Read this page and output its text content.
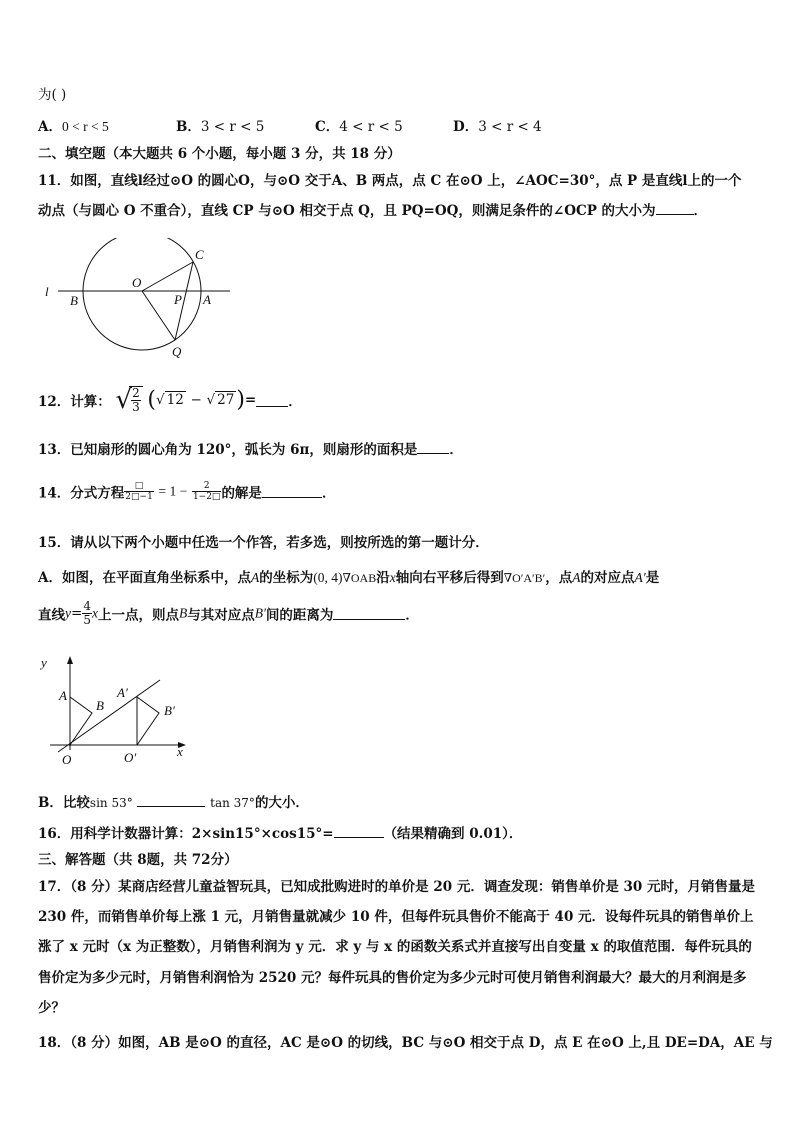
为( )
A．0 < r < 5	B．3 < r < 5	C．4 < r < 5	D．3 < r < 4
二、填空题（本大题共 6 个小题，每小题 3 分，共 18 分）
11．如图，直线l经过⊙O 的圆心O，与⊙O 交于A、B 两点，点 C 在⊙O 上，∠AOC=30°，点 P 是直线l上的一个
动点（与圆心 O 不重合），直线 CP 与⊙O 相交于点 Q，且 PQ=OQ，则满足条件的∠OCP 的大小为	．
l
B
O
C
P A
Q
12．计算： √
$\frac{2}{3}$ (√ 12 − √ 27)= ．
13．已知扇形的圆心角为 120°，弧长为 6π，则扇形的面积是 ．
14．分式方程 $\frac{□}{2□-1} = 1 - \frac{2}{1-2□}$ 的解是	．
15．请从以下两个小题中任选一个作答，若多选，则按所选的第一题计分．
A．如图，在平面直角坐标系中，点A的坐标为(0, 4)∇OAB沿x轴向右平移后得到∇O′A′B′，点A的对应点A′是
直线$y= \frac{4}{5}$ x上一点，则点B与其对应点B′间的距离为	．
y
A
B
A′
B′
O	O′	x
B．比较sin 53°	tan 37°的大小．
16．用科学计数器计算：2×sin15°×cos15°=	（结果精确到 0.01）．
三、解答题（共 8题，共 72分）
17．（8 分）某商店经营儿童益智玩具，已知成批购进时的单价是 20 元．调查发现：销售单价是 30 元时，月销售量是
230 件，而销售单价每上涨 1 元，月销售量就减少 10 件，但每件玩具售价不能高于 40 元．设每件玩具的销售单价上
涨了 x 元时（x 为正整数），月销售利润为 y 元．求 y 与 x 的函数关系式并直接写出自变量 x 的取值范围．每件玩具的
售价定为多少元时，月销售利润恰为 2520 元？每件玩具的售价定为多少元时可使月销售利润最大？最大的月利润是多
少？
18．（8 分）如图，AB 是⊙O 的直径，AC 是⊙O 的切线，BC 与⊙O 相交于点 D，点 E 在⊙O 上,且 DE=DA，AE 与
